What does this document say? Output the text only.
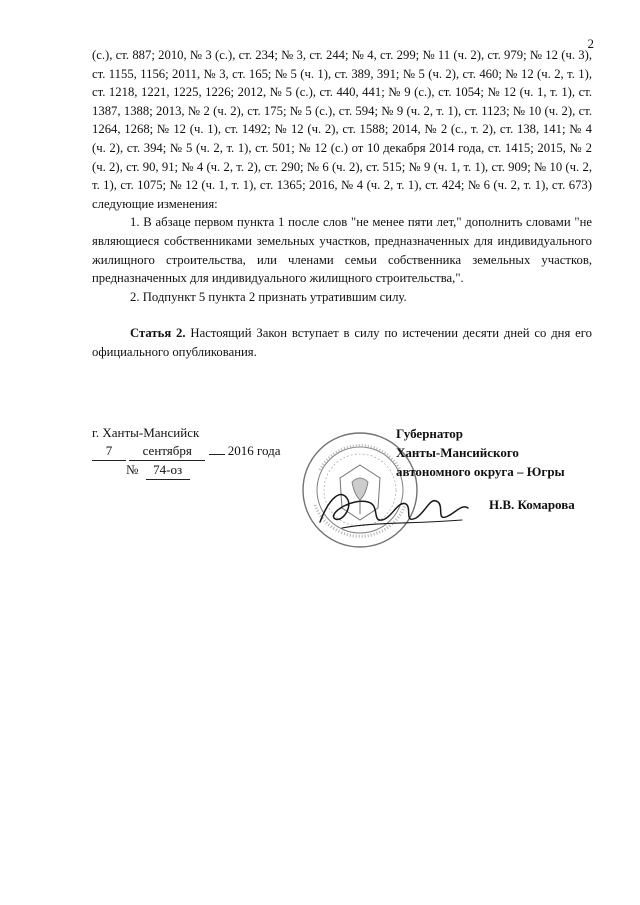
2

(с.), ст. 887; 2010, № 3 (с.), ст. 234; № 3, ст. 244; № 4, ст. 299; № 11 (ч. 2), ст. 979; № 12 (ч. 3), ст. 1155, 1156; 2011, № 3, ст. 165; № 5 (ч. 1), ст. 389, 391; № 5 (ч. 2), ст. 460; № 12 (ч. 2, т. 1), ст. 1218, 1221, 1225, 1226; 2012, № 5 (с.), ст. 440, 441; № 9 (с.), ст. 1054; № 12 (ч. 1, т. 1), ст. 1387, 1388; 2013, № 2 (ч. 2), ст. 175; № 5 (с.), ст. 594; № 9 (ч. 2, т. 1), ст. 1123; № 10 (ч. 2), ст. 1264, 1268; № 12 (ч. 1), ст. 1492; № 12 (ч. 2), ст. 1588; 2014, № 2 (с., т. 2), ст. 138, 141; № 4 (ч. 2), ст. 394; № 5 (ч. 2, т. 1), ст. 501; № 12 (с.) от 10 декабря 2014 года, ст. 1415; 2015, № 2 (ч. 2), ст. 90, 91; № 4 (ч. 2, т. 2), ст. 290; № 6 (ч. 2), ст. 515; № 9 (ч. 1, т. 1), ст. 909; № 10 (ч. 2, т. 1), ст. 1075; № 12 (ч. 1, т. 1), ст. 1365; 2016, № 4 (ч. 2, т. 1), ст. 424; № 6 (ч. 2, т. 1), ст. 673) следующие изменения:

1. В абзаце первом пункта 1 после слов "не менее пяти лет," дополнить словами "не являющиеся собственниками земельных участков, предназначенных для индивидуального жилищного строительства, или членами семьи собственника земельных участков, предназначенных для индивидуального жилищного строительства,".

2. Подпункт 5 пункта 2 признать утратившим силу.

Статья 2. Настоящий Закон вступает в силу по истечении десяти дней со дня его официального опубликования.

г. Ханты-Мансийск
7 сентября	2016 года
№ 74-оз
Губернатор
Ханты-Мансийского
автономного округа – Югры
Н.В. Комарова
